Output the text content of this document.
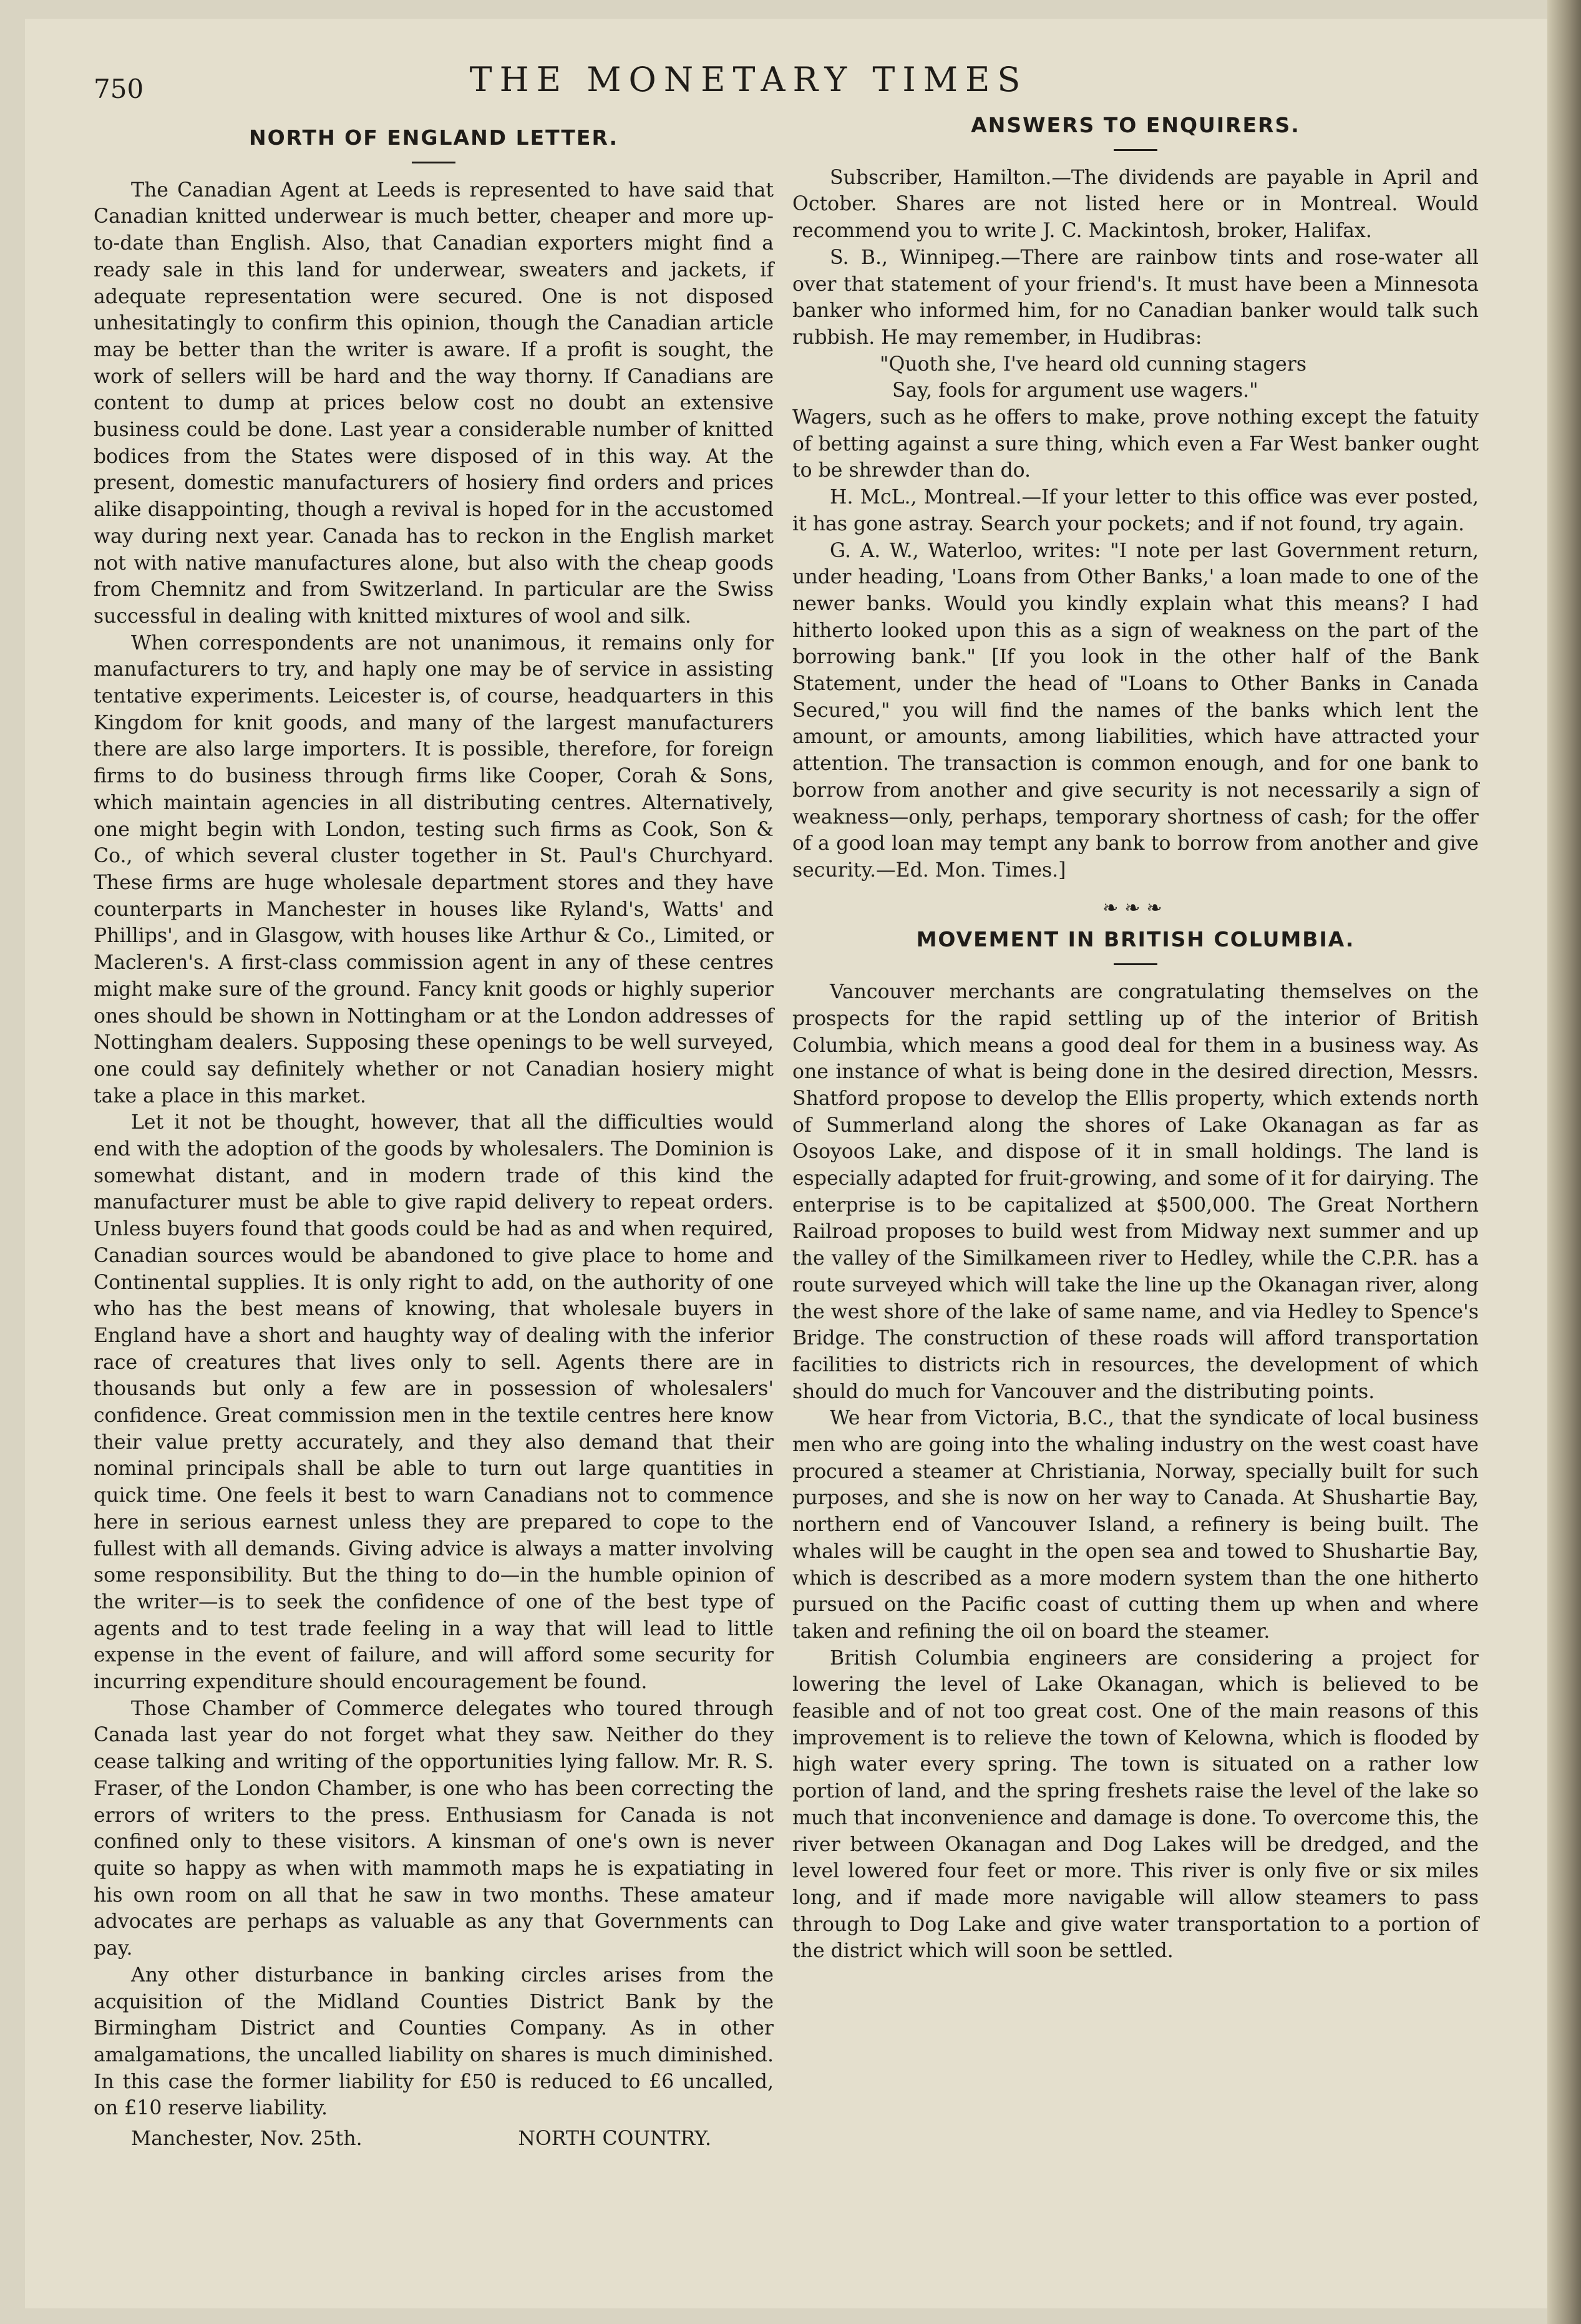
750	THE MONETARY TIMES
NORTH OF ENGLAND LETTER.

The Canadian Agent at Leeds is represented to have said that Canadian knitted underwear is much better, cheaper and more up-to-date than English. Also, that Canadian exporters might find a ready sale in this land for underwear, sweaters and jackets, if adequate representation were secured. One is not disposed unhesitatingly to confirm this opinion, though the Canadian article may be better than the writer is aware. If a profit is sought, the work of sellers will be hard and the way thorny. If Canadians are content to dump at prices below cost no doubt an extensive business could be done. Last year a considerable number of knitted bodices from the States were disposed of in this way. At the present, domestic manufacturers of hosiery find orders and prices alike disappointing, though a revival is hoped for in the accustomed way during next year. Canada has to reckon in the English market not with native manufactures alone, but also with the cheap goods from Chemnitz and from Switzerland. In particular are the Swiss successful in dealing with knitted mixtures of wool and silk.

When correspondents are not unanimous, it remains only for manufacturers to try, and haply one may be of service in assisting tentative experiments. Leicester is, of course, headquarters in this Kingdom for knit goods, and many of the largest manufacturers there are also large importers. It is possible, therefore, for foreign firms to do business through firms like Cooper, Corah & Sons, which maintain agencies in all distributing centres. Alternatively, one might begin with London, testing such firms as Cook, Son & Co., of which several cluster together in St. Paul's Churchyard. These firms are huge wholesale department stores and they have counterparts in Manchester in houses like Ryland's, Watts' and Phillips', and in Glasgow, with houses like Arthur & Co., Limited, or Macleren's. A first-class commission agent in any of these centres might make sure of the ground. Fancy knit goods or highly superior ones should be shown in Nottingham or at the London addresses of Nottingham dealers. Supposing these openings to be well surveyed, one could say definitely whether or not Canadian hosiery might take a place in this market.

Let it not be thought, however, that all the difficulties would end with the adoption of the goods by wholesalers. The Dominion is somewhat distant, and in modern trade of this kind the manufacturer must be able to give rapid delivery to repeat orders. Unless buyers found that goods could be had as and when required, Canadian sources would be abandoned to give place to home and Continental supplies. It is only right to add, on the authority of one who has the best means of knowing, that wholesale buyers in England have a short and haughty way of dealing with the inferior race of creatures that lives only to sell. Agents there are in thousands but only a few are in possession of wholesalers' confidence. Great commission men in the textile centres here know their value pretty accurately, and they also demand that their nominal principals shall be able to turn out large quantities in quick time. One feels it best to warn Canadians not to commence here in serious earnest unless they are prepared to cope to the fullest with all demands. Giving advice is always a matter involving some responsibility. But the thing to do—in the humble opinion of the writer—is to seek the confidence of one of the best type of agents and to test trade feeling in a way that will lead to little expense in the event of failure, and will afford some security for incurring expenditure should encouragement be found.

Those Chamber of Commerce delegates who toured through Canada last year do not forget what they saw. Neither do they cease talking and writing of the opportunities lying fallow. Mr. R. S. Fraser, of the London Chamber, is one who has been correcting the errors of writers to the press. Enthusiasm for Canada is not confined only to these visitors. A kinsman of one's own is never quite so happy as when with mammoth maps he is expatiating in his own room on all that he saw in two months. These amateur advocates are perhaps as valuable as any that Governments can pay.

Any other disturbance in banking circles arises from the acquisition of the Midland Counties District Bank by the Birmingham District and Counties Company. As in other amalgamations, the uncalled liability on shares is much diminished. In this case the former liability for £50 is reduced to £6 uncalled, on £10 reserve liability.

Manchester, Nov. 25th.	NORTH COUNTRY.
ANSWERS TO ENQUIRERS.

Subscriber, Hamilton.—The dividends are payable in April and October. Shares are not listed here or in Montreal. Would recommend you to write J. C. Mackintosh, broker, Halifax.

S. B., Winnipeg.—There are rainbow tints and rose-water all over that statement of your friend's. It must have been a Minnesota banker who informed him, for no Canadian banker would talk such rubbish. He may remember, in Hudibras:

"Quoth she, I've heard old cunning stagers

Say, fools for argument use wagers."

Wagers, such as he offers to make, prove nothing except the fatuity of betting against a sure thing, which even a Far West banker ought to be shrewder than do.

H. McL., Montreal.—If your letter to this office was ever posted, it has gone astray. Search your pockets; and if not found, try again.

G. A. W., Waterloo, writes: "I note per last Government return, under heading, 'Loans from Other Banks,' a loan made to one of the newer banks. Would you kindly explain what this means? I had hitherto looked upon this as a sign of weakness on the part of the borrowing bank." [If you look in the other half of the Bank Statement, under the head of "Loans to Other Banks in Canada Secured," you will find the names of the banks which lent the amount, or amounts, among liabilities, which have attracted your attention. The transaction is common enough, and for one bank to borrow from another and give security is not necessarily a sign of weakness—only, perhaps, temporary shortness of cash; for the offer of a good loan may tempt any bank to borrow from another and give security.—Ed. Mon. Times.]

❧❧❧
MOVEMENT IN BRITISH COLUMBIA.

Vancouver merchants are congratulating themselves on the prospects for the rapid settling up of the interior of British Columbia, which means a good deal for them in a business way. As one instance of what is being done in the desired direction, Messrs. Shatford propose to develop the Ellis property, which extends north of Summerland along the shores of Lake Okanagan as far as Osoyoos Lake, and dispose of it in small holdings. The land is especially adapted for fruit-growing, and some of it for dairying. The enterprise is to be capitalized at $500,000. The Great Northern Railroad proposes to build west from Midway next summer and up the valley of the Similkameen river to Hedley, while the C.P.R. has a route surveyed which will take the line up the Okanagan river, along the west shore of the lake of same name, and via Hedley to Spence's Bridge. The construction of these roads will afford transportation facilities to districts rich in resources, the development of which should do much for Vancouver and the distributing points.

We hear from Victoria, B.C., that the syndicate of local business men who are going into the whaling industry on the west coast have procured a steamer at Christiania, Norway, specially built for such purposes, and she is now on her way to Canada. At Shushartie Bay, northern end of Vancouver Island, a refinery is being built. The whales will be caught in the open sea and towed to Shushartie Bay, which is described as a more modern system than the one hitherto pursued on the Pacific coast of cutting them up when and where taken and refining the oil on board the steamer.

British Columbia engineers are considering a project for lowering the level of Lake Okanagan, which is believed to be feasible and of not too great cost. One of the main reasons of this improvement is to relieve the town of Kelowna, which is flooded by high water every spring. The town is situated on a rather low portion of land, and the spring freshets raise the level of the lake so much that inconvenience and damage is done. To overcome this, the river between Okanagan and Dog Lakes will be dredged, and the level lowered four feet or more. This river is only five or six miles long, and if made more navigable will allow steamers to pass through to Dog Lake and give water transportation to a portion of the district which will soon be settled.
